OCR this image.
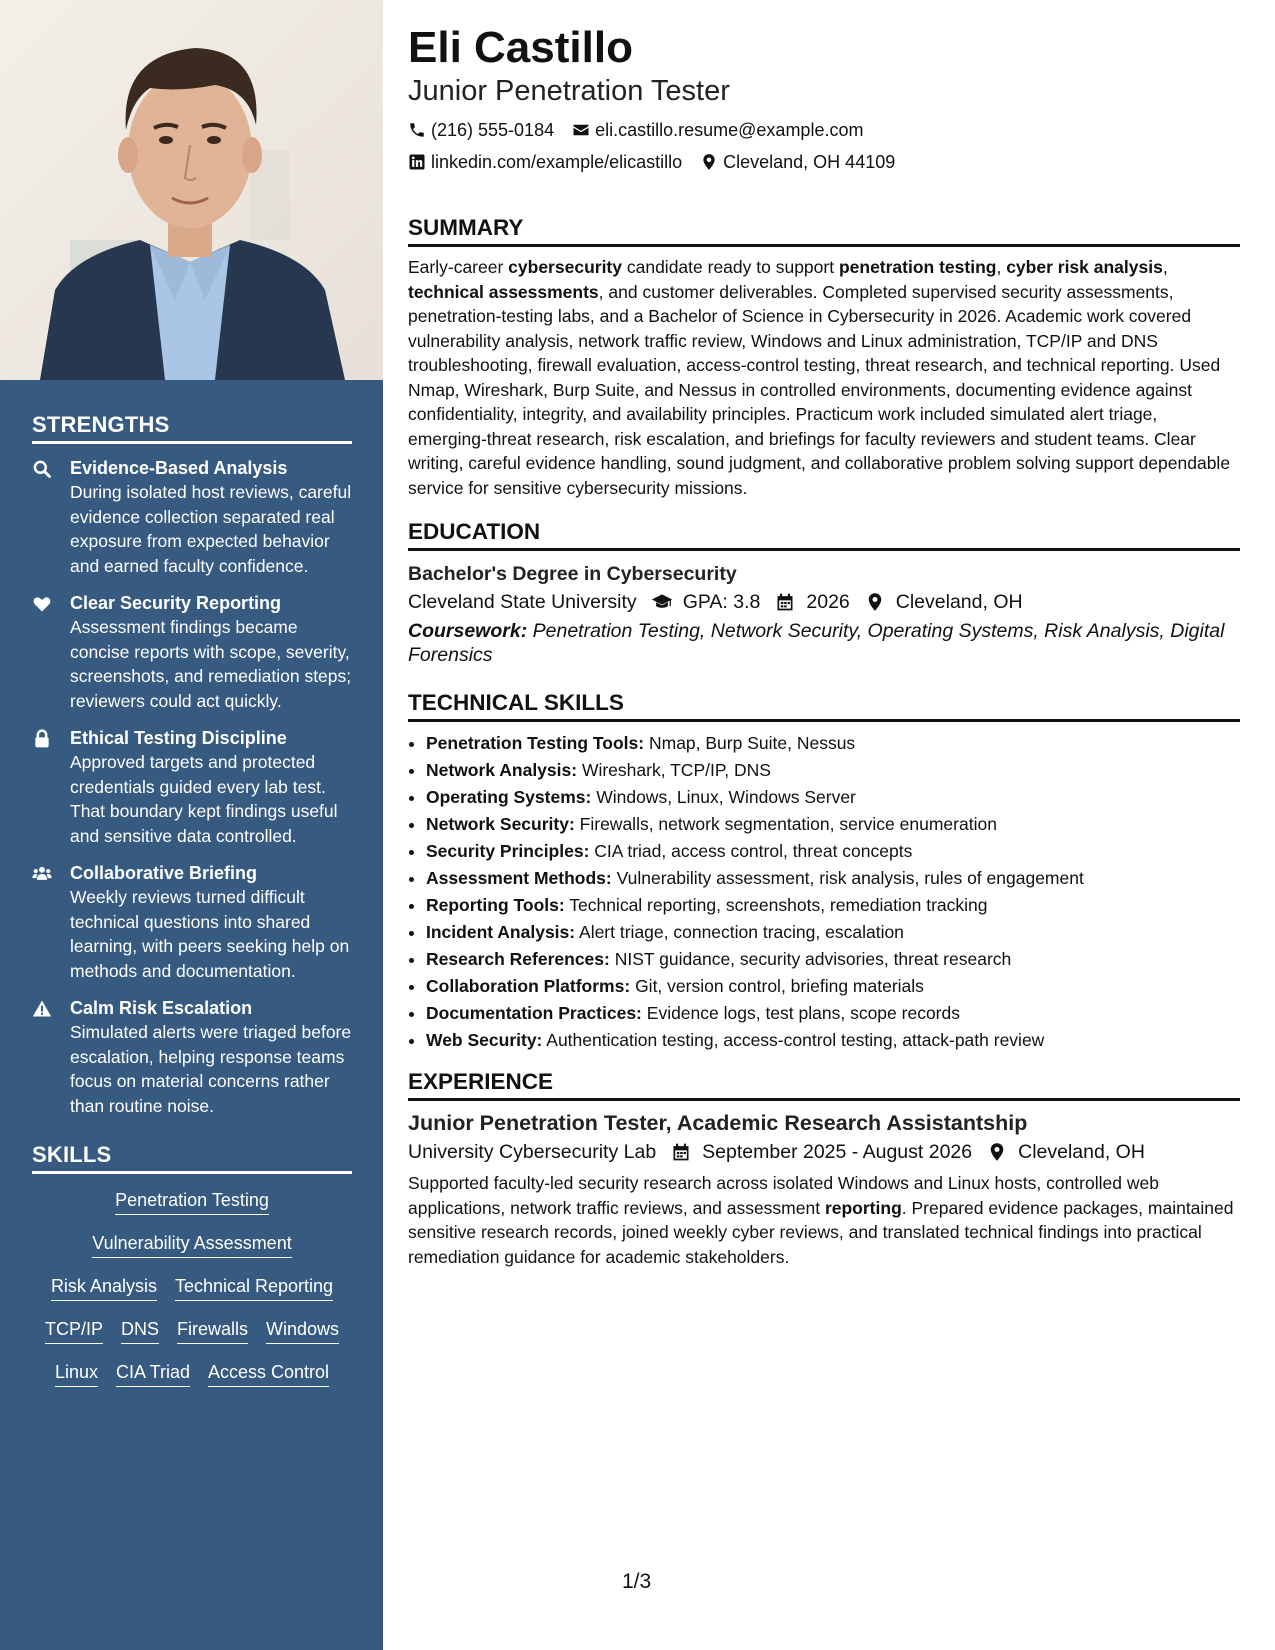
STRENGTHS
Evidence-Based Analysis
During isolated host reviews, careful evidence collection separated real exposure from expected behavior and earned faculty confidence.
Clear Security Reporting
Assessment findings became concise reports with scope, severity, screenshots, and remediation steps; reviewers could act quickly.
Ethical Testing Discipline
Approved targets and protected credentials guided every lab test. That boundary kept findings useful and sensitive data controlled.
Collaborative Briefing
Weekly reviews turned difficult technical questions into shared learning, with peers seeking help on methods and documentation.
Calm Risk Escalation
Simulated alerts were triaged before escalation, helping response teams focus on material concerns rather than routine noise.
SKILLS
Penetration Testing
Vulnerability Assessment
Risk Analysis Technical Reporting
TCP/IP DNS Firewalls Windows
Linux CIA Triad Access Control
Eli Castillo
Junior Penetration Tester
(216) 555-0184 eli.castillo.resume@example.com
linkedin.com/example/elicastillo Cleveland, OH 44109
SUMMARY

Early-career cybersecurity candidate ready to support penetration testing, cyber risk analysis, technical assessments, and customer deliverables. Completed supervised security assessments, penetration-testing labs, and a Bachelor of Science in Cybersecurity in 2026. Academic work covered vulnerability analysis, network traffic review, Windows and Linux administration, TCP/IP and DNS troubleshooting, firewall evaluation, access-control testing, threat research, and technical reporting. Used Nmap, Wireshark, Burp Suite, and Nessus in controlled environments, documenting evidence against confidentiality, integrity, and availability principles. Practicum work included simulated alert triage, emerging-threat research, risk escalation, and briefings for faculty reviewers and student teams. Clear writing, careful evidence handling, sound judgment, and collaborative problem solving support dependable service for sensitive cybersecurity missions.

EDUCATION
Bachelor's Degree in Cybersecurity
Cleveland State University GPA: 3.8 2026 Cleveland, OH
Coursework: Penetration Testing, Network Security, Operating Systems, Risk Analysis, Digital Forensics
TECHNICAL SKILLS
• Penetration Testing Tools: Nmap, Burp Suite, Nessus
• Network Analysis: Wireshark, TCP/IP, DNS
• Operating Systems: Windows, Linux, Windows Server
• Network Security: Firewalls, network segmentation, service enumeration
• Security Principles: CIA triad, access control, threat concepts
• Assessment Methods: Vulnerability assessment, risk analysis, rules of engagement
• Reporting Tools: Technical reporting, screenshots, remediation tracking
• Incident Analysis: Alert triage, connection tracing, escalation
• Research References: NIST guidance, security advisories, threat research
• Collaboration Platforms: Git, version control, briefing materials
• Documentation Practices: Evidence logs, test plans, scope records
• Web Security: Authentication testing, access-control testing, attack-path review
EXPERIENCE
Junior Penetration Tester, Academic Research Assistantship
University Cybersecurity Lab September 2025 - August 2026 Cleveland, OH

Supported faculty-led security research across isolated Windows and Linux hosts, controlled web applications, network traffic reviews, and assessment reporting. Prepared evidence packages, maintained sensitive research records, joined weekly cyber reviews, and translated technical findings into practical remediation guidance for academic stakeholders.

1/3
